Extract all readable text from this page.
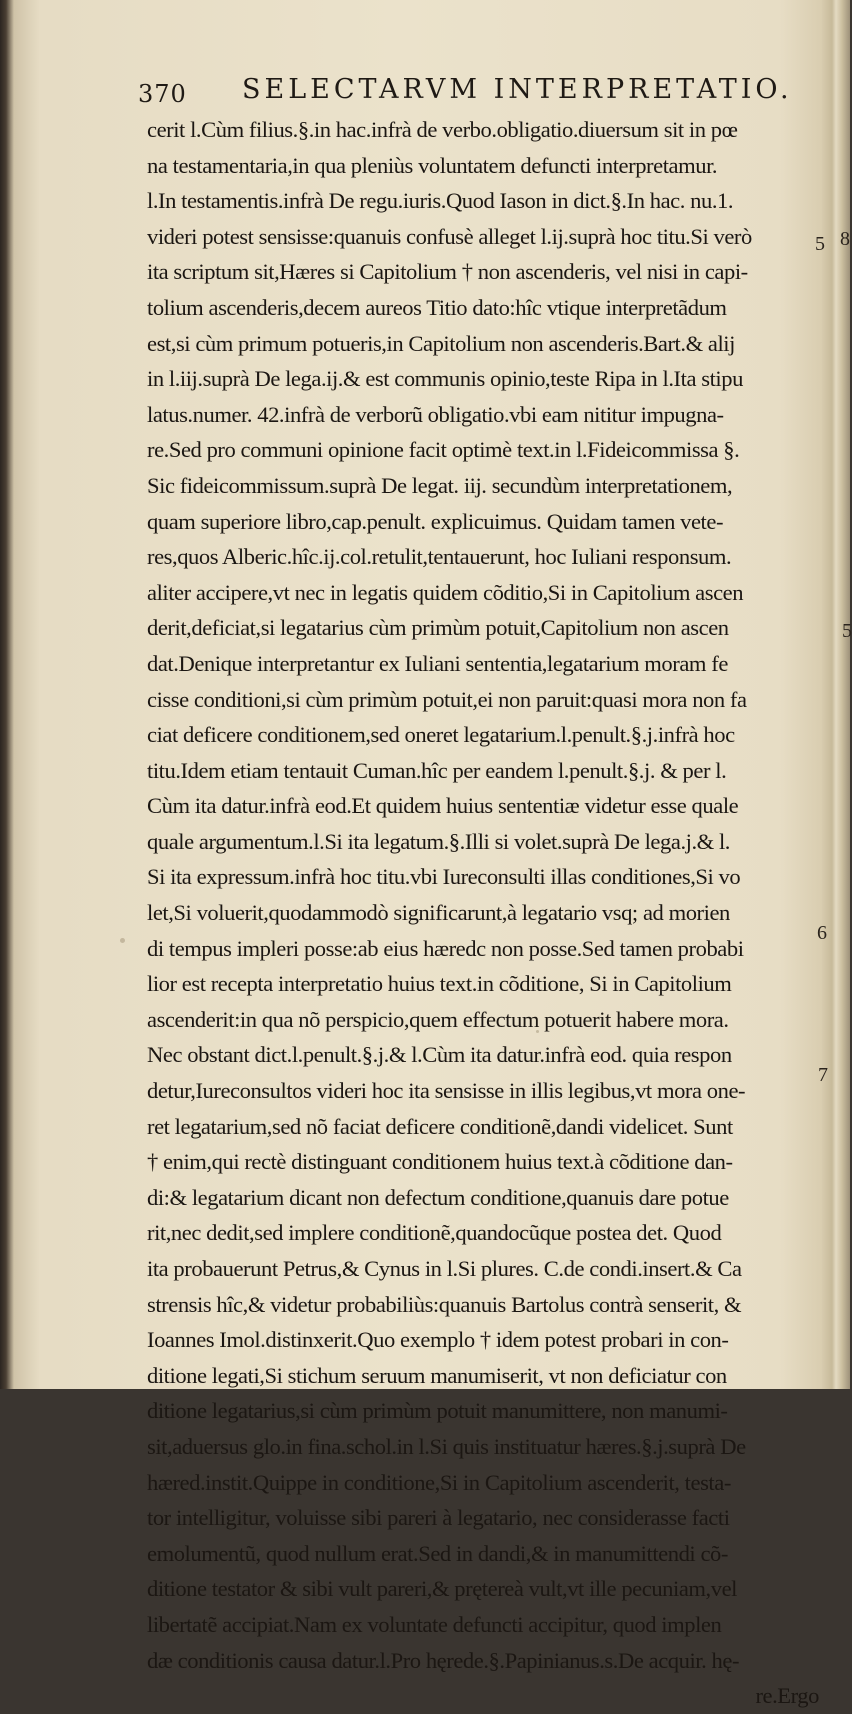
370 SELECTARVM INTERPRETATIO.
cerit l.Cùm filius.§.in hac.infrà de verbo.obligatio.diuersum sit in pœ
na testamentaria,in qua pleniùs voluntatem defuncti interpretamur.
l.In testamentis.infrà De regu.iuris.Quod Iason in dict.§.In hac. nu.1.
videri potest sensisse:quanuis confusè alleget l.ij.suprà hoc titu.Si verò
ita scriptum sit,Hæres si Capitolium † non ascenderis, vel nisi in capi-
tolium ascenderis,decem aureos Titio dato:hîc vtique interpretãdum
est,si cùm primum potueris,in Capitolium non ascenderis.Bart.& alij
in l.iij.suprà De lega.ij.& est communis opinio,teste Ripa in l.Ita stipu
latus.numer. 42.infrà de verborũ obligatio.vbi eam nititur impugna-
re.Sed pro communi opinione facit optimè text.in l.Fideicommissa §.
Sic fideicommissum.suprà De legat. iij. secundùm interpretationem,
quam superiore libro,cap.penult. explicuimus. Quidam tamen vete-
res,quos Alberic.hîc.ij.col.retulit,tentauerunt, hoc Iuliani responsum.
aliter accipere,vt nec in legatis quidem cõditio,Si in Capitolium ascen
derit,deficiat,si legatarius cùm primùm potuit,Capitolium non ascen
dat.Denique interpretantur ex Iuliani sententia,legatarium moram fe
cisse conditioni,si cùm primùm potuit,ei non paruit:quasi mora non fa
ciat deficere conditionem,sed oneret legatarium.l.penult.§.j.infrà hoc
titu.Idem etiam tentauit Cuman.hîc per eandem l.penult.§.j. & per l.
Cùm ita datur.infrà eod.Et quidem huius sententiæ videtur esse quale
quale argumentum.l.Si ita legatum.§.Illi si volet.suprà De lega.j.& l.
Si ita expressum.infrà hoc titu.vbi Iureconsulti illas conditiones,Si vo
let,Si voluerit,quodammodò significarunt,à legatario vsq; ad morien
di tempus impleri posse:ab eius hæredc non posse.Sed tamen probabi
lior est recepta interpretatio huius text.in cõditione, Si in Capitolium
ascenderit:in qua nõ perspicio,quem effectum potuerit habere mora.
Nec obstant dict.l.penult.§.j.& l.Cùm ita datur.infrà eod. quia respon
detur,Iureconsultos videri hoc ita sensisse in illis legibus,vt mora one-
ret legatarium,sed nõ faciat deficere conditionẽ,dandi videlicet. Sunt
† enim,qui rectè distinguant conditionem huius text.à cõditione dan-
di:& legatarium dicant non defectum conditione,quanuis dare potue
rit,nec dedit,sed implere conditionẽ,quandocũque postea det. Quod
ita probauerunt Petrus,& Cynus in l.Si plures. C.de condi.insert.& Ca
strensis hîc,& videtur probabiliùs:quanuis Bartolus contrà senserit, &
Ioannes Imol.distinxerit.Quo exemplo † idem potest probari in con-
ditione legati,Si stichum seruum manumiserit, vt non deficiatur con
ditione legatarius,si cùm primùm potuit manumittere, non manumi-
sit,aduersus glo.in fina.schol.in l.Si quis instituatur hæres.§.j.suprà De
hæred.instit.Quippe in conditione,Si in Capitolium ascenderit, testa-
tor intelligitur, voluisse sibi pareri à legatario, nec considerasse facti
emolumentũ, quod nullum erat.Sed in dandi,& in manumittendi cõ-
ditione testator & sibi vult pareri,& prętereà vult,vt ille pecuniam,vel
libertatẽ accipiat.Nam ex voluntate defuncti accipitur, quod implen
dæ conditionis causa datur.l.Pro hęrede.§.Papinianus.s.De acquir. hę-
re.Ergo
5 8
5
6
7
